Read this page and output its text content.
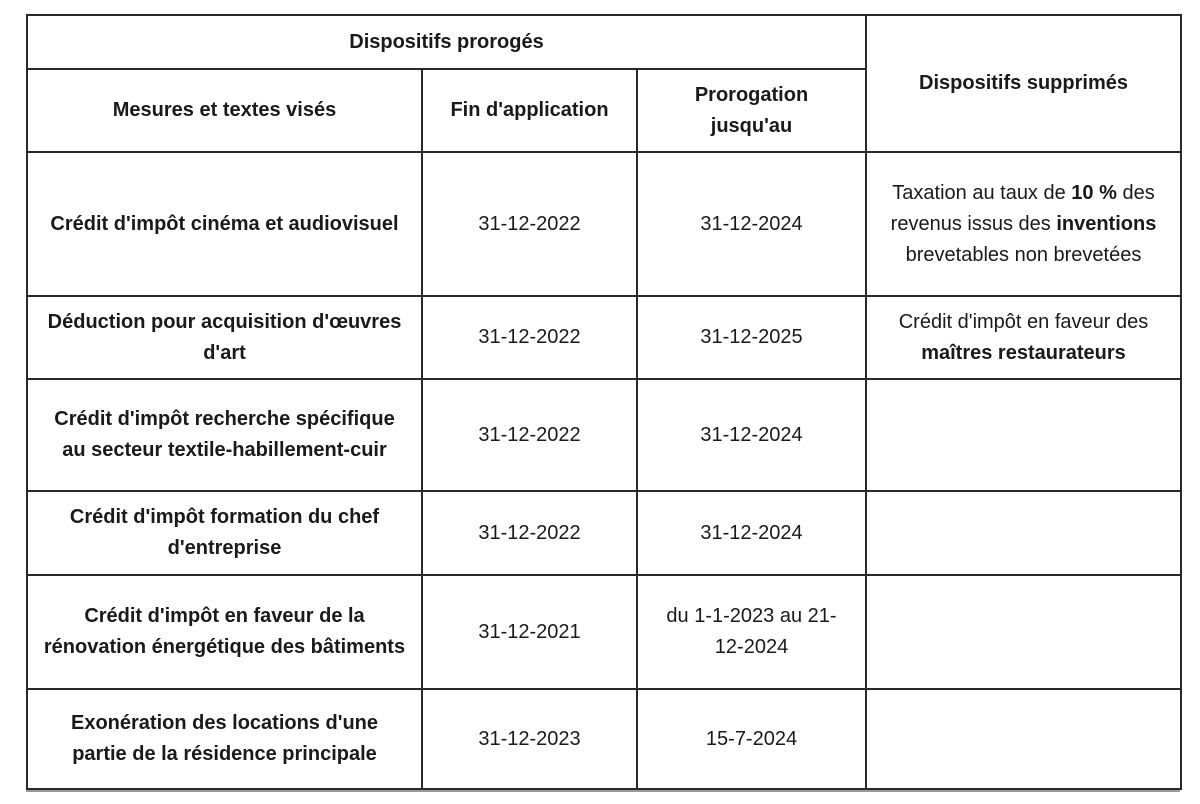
Dispositifs prorogés			Dispositifs supprimés
Mesures et textes visés	Fin d'application	Prorogation jusqu'au	
Crédit d'impôt cinéma et audiovisuel	31-12-2022	31-12-2024	Taxation au taux de 10 % des revenus issus des inventions brevetables non brevetées
Déduction pour acquisition d'œuvres d'art	31-12-2022	31-12-2025	Crédit d'impôt en faveur des maîtres restaurateurs
Crédit d'impôt recherche spécifique au secteur textile-habillement-cuir	31-12-2022	31-12-2024	
Crédit d'impôt formation du chef d'entreprise	31-12-2022	31-12-2024	
Crédit d'impôt en faveur de la rénovation énergétique des bâtiments	31-12-2021	du 1-1-2023 au 21-12-2024	
Exonération des locations d'une partie de la résidence principale	31-12-2023	15-7-2024	
